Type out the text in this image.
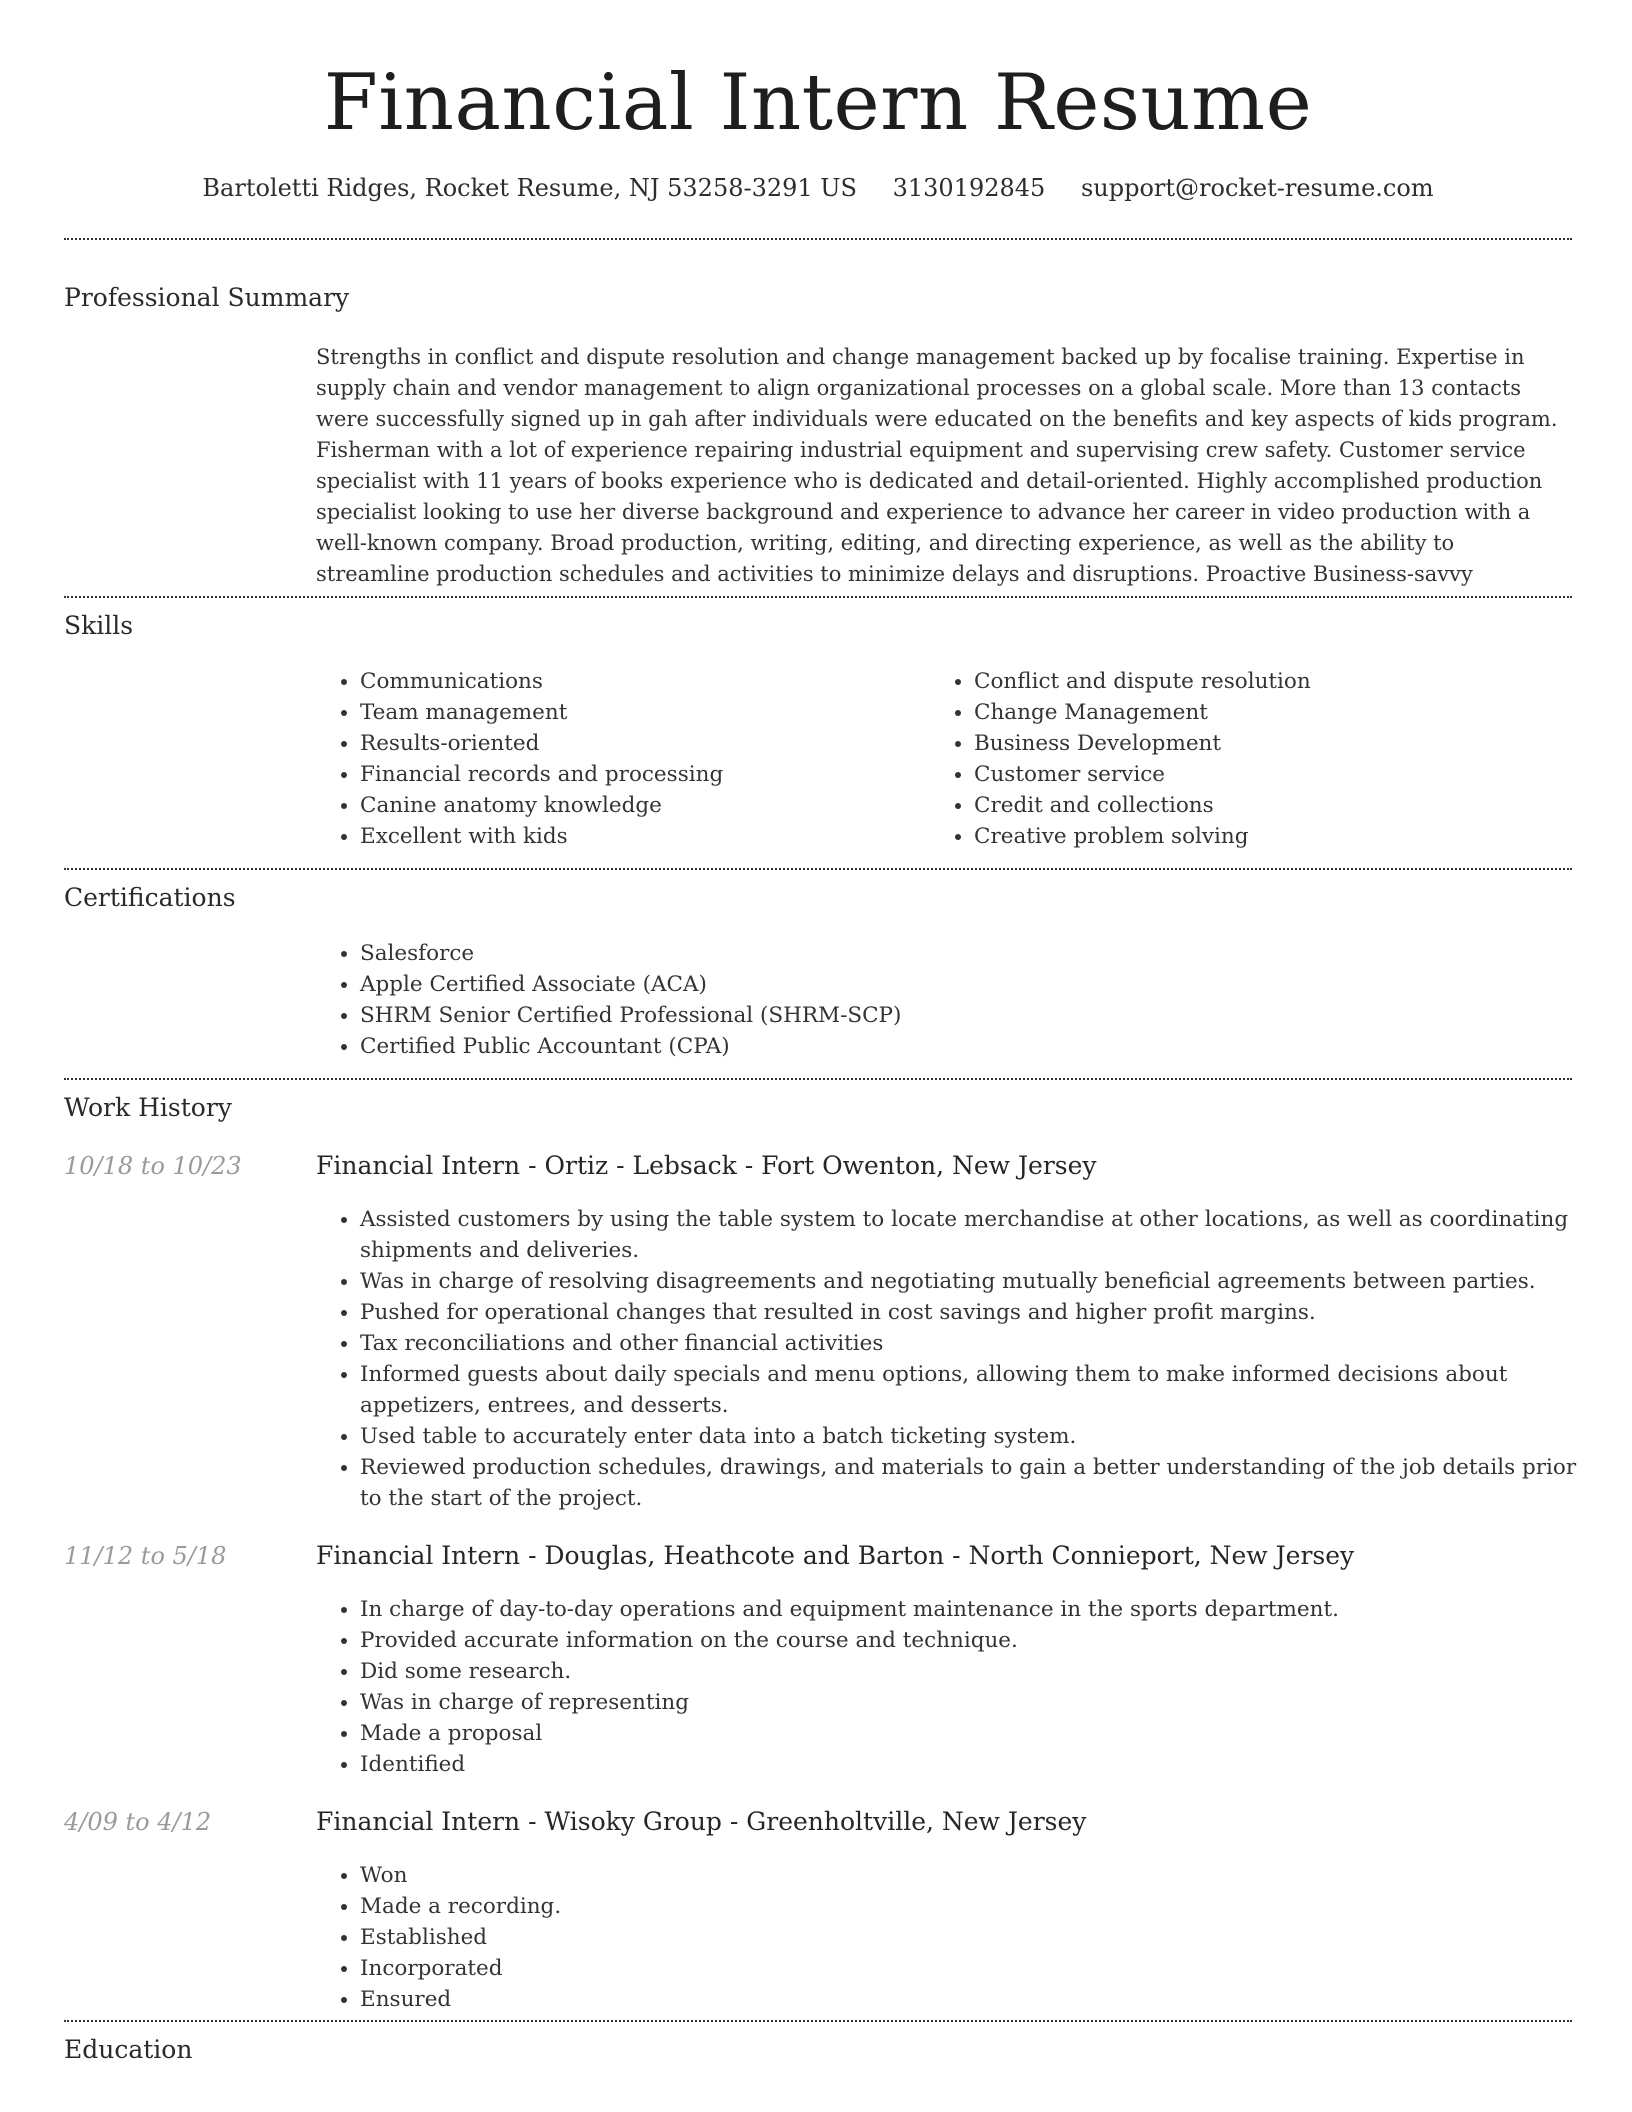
Financial Intern Resume
Bartoletti Ridges, Rocket Resume, NJ 53258-3291 US 3130192845 support@rocket-resume.com
Professional Summary

Strengths in conflict and dispute resolution and change management backed up by focalise training. Expertise in supply chain and vendor management to align organizational processes on a global scale. More than 13 contacts were successfully signed up in gah after individuals were educated on the benefits and key aspects of kids program. Fisherman with a lot of experience repairing industrial equipment and supervising crew safety. Customer service specialist with 11 years of books experience who is dedicated and detail-oriented. Highly accomplished production specialist looking to use her diverse background and experience to advance her career in video production with a well-known company. Broad production, writing, editing, and directing experience, as well as the ability to streamline production schedules and activities to minimize delays and disruptions. Proactive Business-savvy

Skills
• Communications
• Team management
• Results-oriented
• Financial records and processing
• Canine anatomy knowledge
• Excellent with kids
• Conflict and dispute resolution
• Change Management
• Business Development
• Customer service
• Credit and collections
• Creative problem solving
Certifications
• Salesforce
• Apple Certified Associate (ACA)
• SHRM Senior Certified Professional (SHRM-SCP)
• Certified Public Accountant (CPA)
Work History
10/18 to 10/23	Financial Intern - Ortiz - Lebsack - Fort Owenton, New Jersey
• Assisted customers by using the table system to locate merchandise at other locations, as well as coordinating shipments and deliveries.
• Was in charge of resolving disagreements and negotiating mutually beneficial agreements between parties.
• Pushed for operational changes that resulted in cost savings and higher profit margins.
• Tax reconciliations and other financial activities
• Informed guests about daily specials and menu options, allowing them to make informed decisions about appetizers, entrees, and desserts.
• Used table to accurately enter data into a batch ticketing system.
• Reviewed production schedules, drawings, and materials to gain a better understanding of the job details prior to the start of the project.
11/12 to 5/18	Financial Intern - Douglas, Heathcote and Barton - North Connieport, New Jersey
• In charge of day-to-day operations and equipment maintenance in the sports department.
• Provided accurate information on the course and technique.
• Did some research.
• Was in charge of representing
• Made a proposal
• Identified
4/09 to 4/12	Financial Intern - Wisoky Group - Greenholtville, New Jersey
• Won
• Made a recording.
• Established
• Incorporated
• Ensured
Education
